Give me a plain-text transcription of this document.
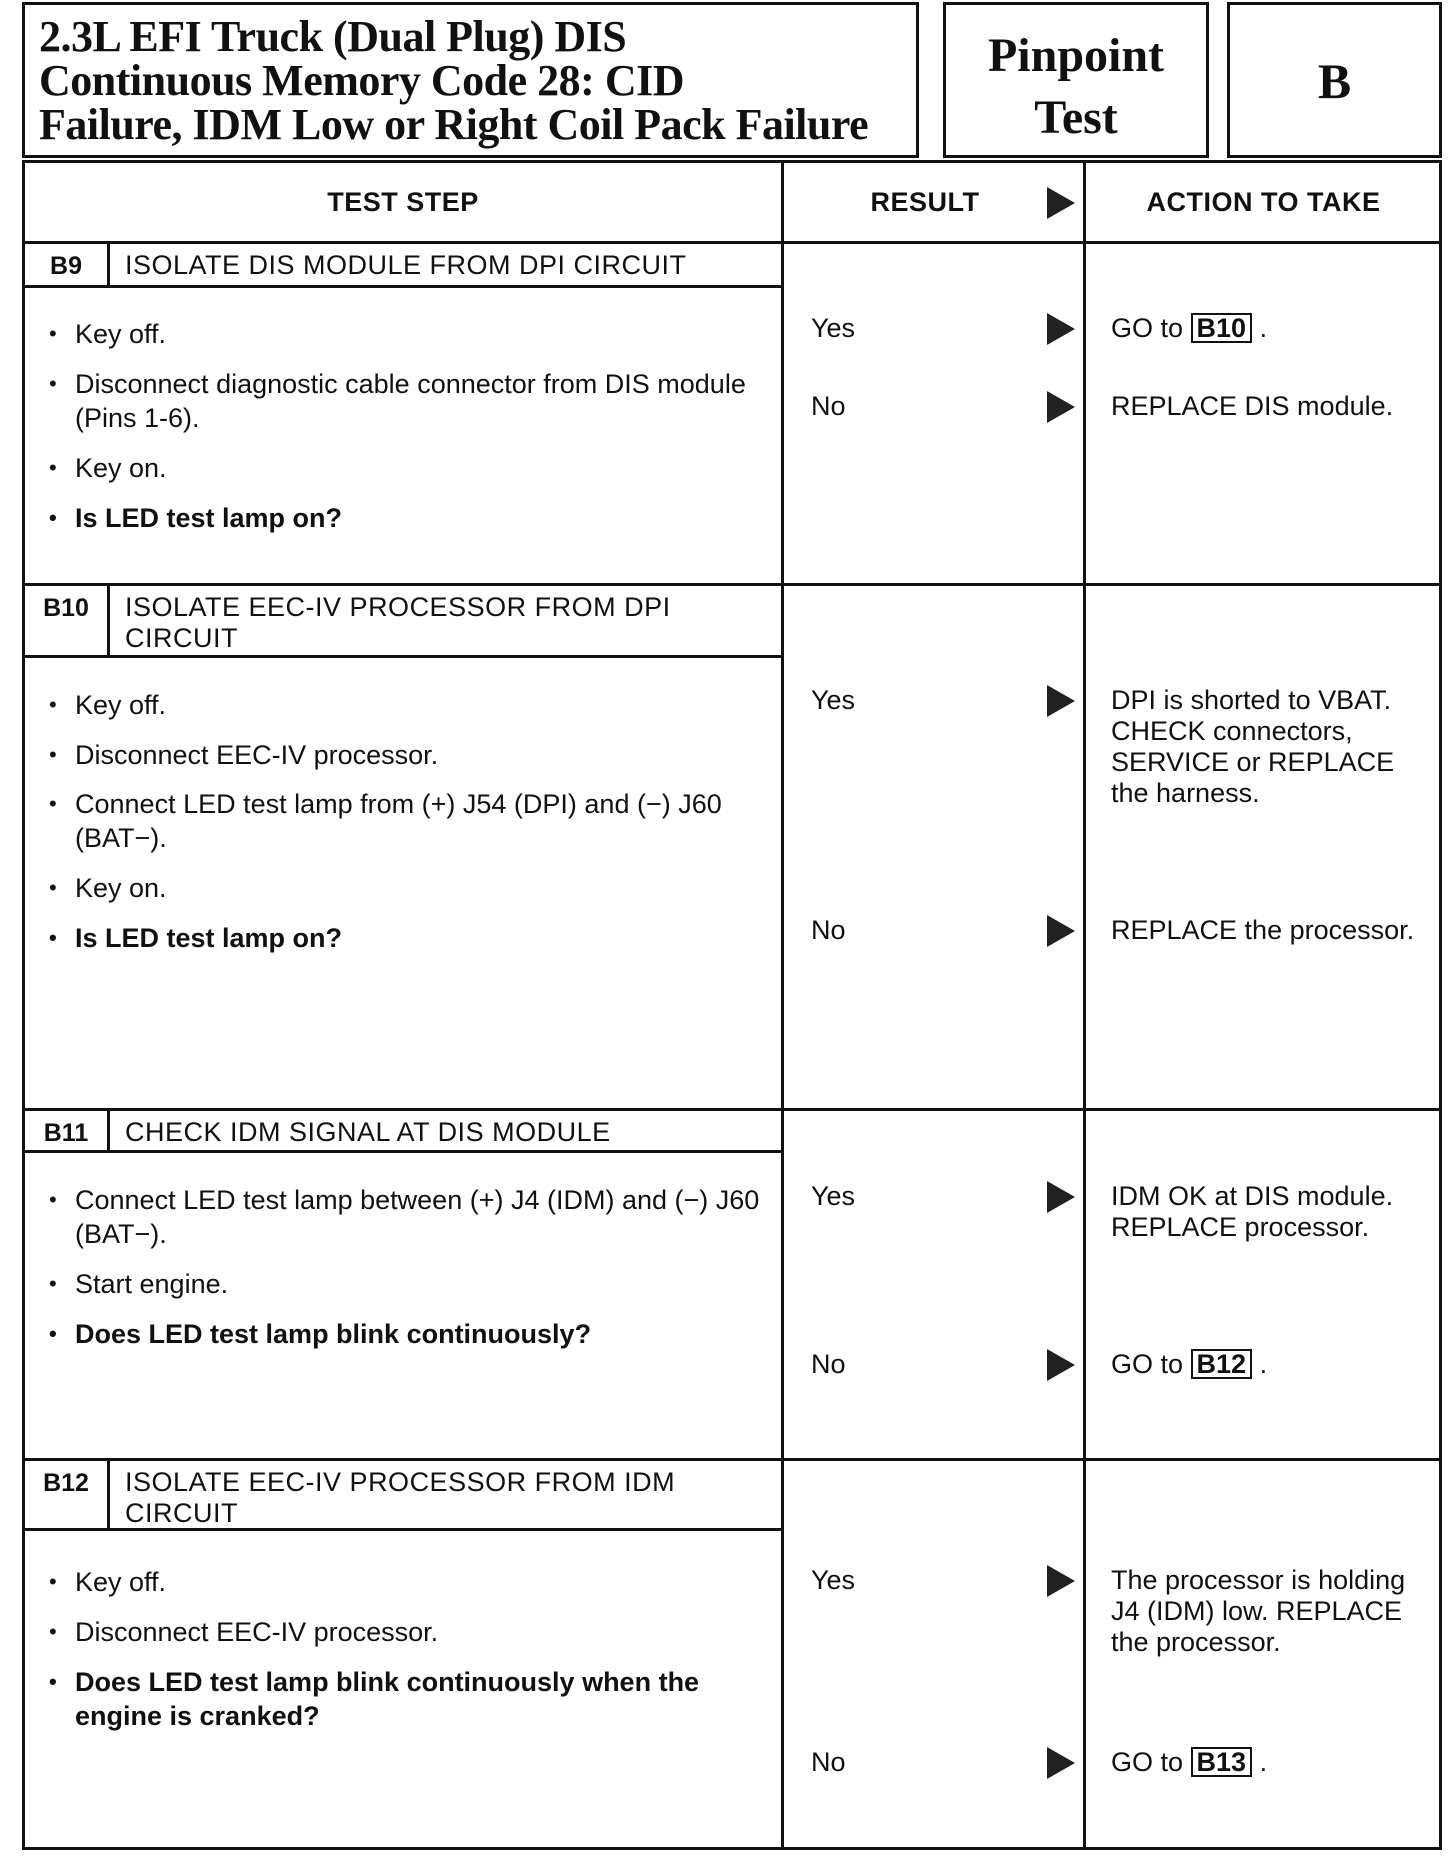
2.3L EFI Truck (Dual Plug) DIS
Continuous Memory Code 28: CID
Failure, IDM Low or Right Coil Pack Failure
Pinpoint
Test
B
TEST STEP	RESULT	ACTION TO TAKE
B9	ISOLATE DIS MODULE FROM DPI CIRCUIT
• Key off.
• Disconnect diagnostic cable connector from DIS module (Pins 1-6).
• Key on.
• Is LED test lamp on?
Yes	GO to B10 .
No	REPLACE DIS module.
B10	ISOLATE EEC-IV PROCESSOR FROM DPI CIRCUIT
• Key off.
• Disconnect EEC-IV processor.
• Connect LED test lamp from (+) J54 (DPI) and (−) J60 (BAT−).
• Key on.
• Is LED test lamp on?
Yes	DPI is shorted to VBAT. CHECK connectors, SERVICE or REPLACE the harness.
No	REPLACE the processor.
B11	CHECK IDM SIGNAL AT DIS MODULE
• Connect LED test lamp between (+) J4 (IDM) and (−) J60 (BAT−).
• Start engine.
• Does LED test lamp blink continuously?
Yes	IDM OK at DIS module. REPLACE processor.
No	GO to B12 .
B12	ISOLATE EEC-IV PROCESSOR FROM IDM CIRCUIT
• Key off.
• Disconnect EEC-IV processor.
• Does LED test lamp blink continuously when the engine is cranked?
Yes	The processor is holding J4 (IDM) low. REPLACE the processor.
No	GO to B13 .
